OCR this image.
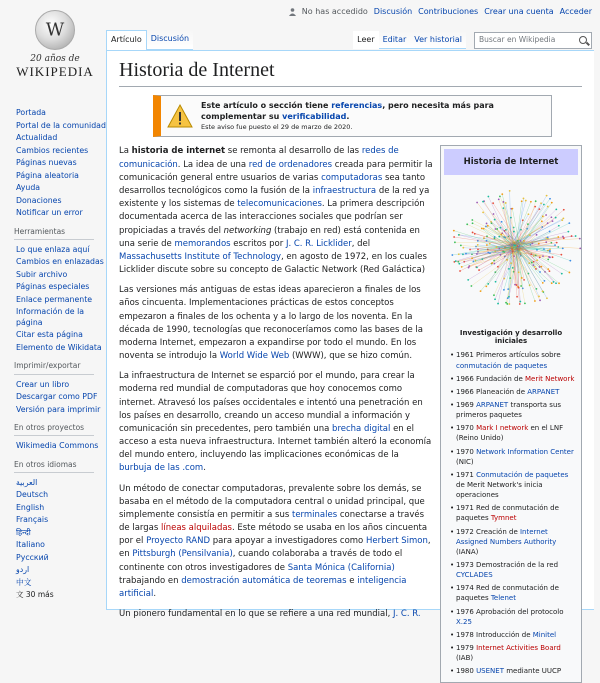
No has accedido Discusión Contribuciones Crear una cuenta Acceder
W
20 años de
WIKIPEDIA
Artículo	Discusión	Leer	Editar	Ver historial	Buscar en Wikipedia
Portada
Portal de la comunidad
Actualidad
Cambios recientes
Páginas nuevas
Página aleatoria
Ayuda
Donaciones
Notificar un error
Herramientas
Lo que enlaza aquí
Cambios en enlazadas
Subir archivo
Páginas especiales
Enlace permanente
Información de la página
Citar esta página
Elemento de Wikidata
Imprimir/exportar
Crear un libro
Descargar como PDF
Versión para imprimir
En otros proyectos
Wikimedia Commons
En otros idiomas
العربية
Deutsch
English
Français
हिन्दी
Italiano
Русский
اردو
中文
文 30 más
Historia de Internet
Este artículo o sección tiene referencias, pero necesita más para complementar su verificabilidad.
Este aviso fue puesto el 29 de marzo de 2020.

La historia de internet se remonta al desarrollo de las redes de comunicación. La idea de una red de ordenadores creada para permitir la comunicación general entre usuarios de varias computadoras sea tanto desarrollos tecnológicos como la fusión de la infraestructura de la red ya existente y los sistemas de telecomunicaciones. La primera descripción documentada acerca de las interacciones sociales que podrían ser propiciadas a través del networking (trabajo en red) está contenida en una serie de memorandos escritos por J. C. R. Licklider, del Massachusetts Institute of Technology, en agosto de 1972, en los cuales Licklider discute sobre su concepto de Galactic Network (Red Galáctica)

Las versiones más antiguas de estas ideas aparecieron a finales de los años cincuenta. Implementaciones prácticas de estos conceptos empezaron a finales de los ochenta y a lo largo de los noventa. En la década de 1990, tecnologías que reconoceríamos como las bases de la moderna Internet, empezaron a expandirse por todo el mundo. En los noventa se introdujo la World Wide Web (WWW), que se hizo común.

La infraestructura de Internet se esparció por el mundo, para crear la moderna red mundial de computadoras que hoy conocemos como internet. Atravesó los países occidentales e intentó una penetración en los países en desarrollo, creando un acceso mundial a información y comunicación sin precedentes, pero también una brecha digital en el acceso a esta nueva infraestructura. Internet también alteró la economía del mundo entero, incluyendo las implicaciones económicas de la burbuja de las .com.

Un método de conectar computadoras, prevalente sobre los demás, se basaba en el método de la computadora central o unidad principal, que simplemente consistía en permitir a sus terminales conectarse a través de largas líneas alquiladas. Este método se usaba en los años cincuenta por el Proyecto RAND para apoyar a investigadores como Herbert Simon, en Pittsburgh (Pensilvania), cuando colaboraba a través de todo el continente con otros investigadores de Santa Mónica (California) trabajando en demostración automática de teoremas e inteligencia artificial.

Un pionero fundamental en lo que se refiere a una red mundial, J. C. R.

Historia de Internet
Investigación y desarrollo iniciales
• 1961 Primeros artículos sobre conmutación de paquetes
• 1966 Fundación de Merit Network
• 1966 Planeación de ARPANET
• 1969 ARPANET transporta sus primeros paquetes
• 1970 Mark I network en el LNF (Reino Unido)
• 1970 Network Information Center (NIC)
• 1971 Conmutación de paquetes de Merit Network's inicia operaciones
• 1971 Red de conmutación de paquetes Tymnet
• 1972 Creación de Internet Assigned Numbers Authority (IANA)
• 1973 Demostración de la red CYCLADES
• 1974 Red de conmutación de paquetes Telenet
• 1976 Aprobación del protocolo X.25
• 1978 Introducción de Minitel
• 1979 Internet Activities Board (IAB)
• 1980 USENET mediante UUCP
